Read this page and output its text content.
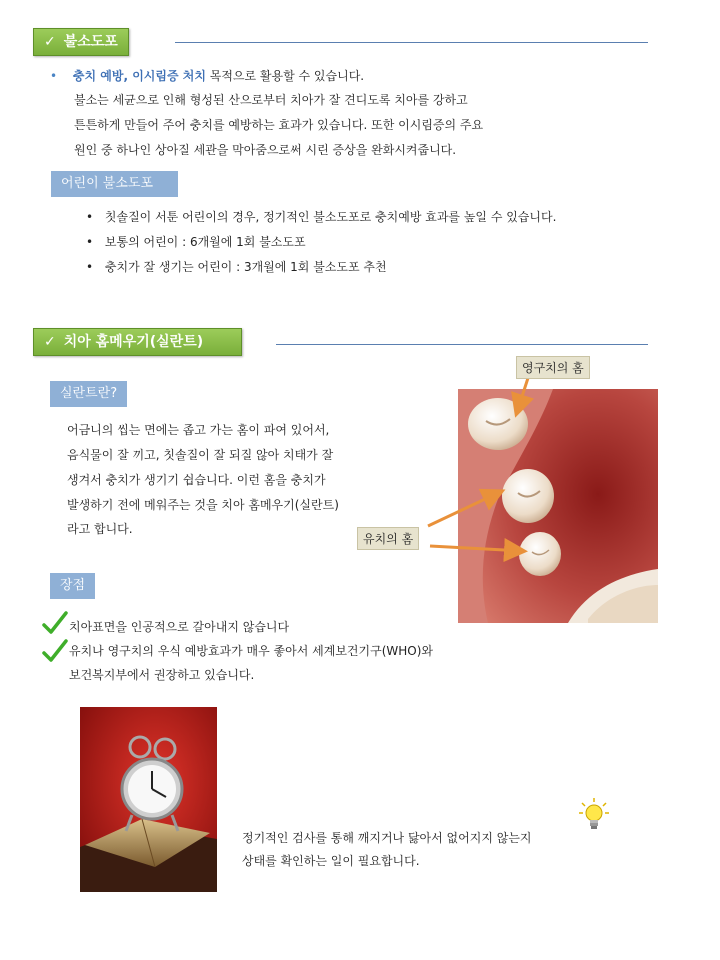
✓ 불소도포
• 충치 예방, 이시림증 처치 목적으로 활용할 수 있습니다.
불소는 세균으로 인해 형성된 산으로부터 치아가 잘 견디도록 치아를 강하고
튼튼하게 만들어 주어 충치를 예방하는 효과가 있습니다. 또한 이시림증의 주요
원인 중 하나인 상아질 세관을 막아줌으로써 시린 증상을 완화시켜줍니다.
어린이 불소도포
• 칫솔질이 서툰 어린이의 경우, 정기적인 불소도포로 충치예방 효과를 높일 수 있습니다.
• 보통의 어린이 : 6개월에 1회 불소도포
• 충치가 잘 생기는 어린이 : 3개월에 1회 불소도포 추천
✓ 치아 홈메우기(실란트)
실란트란?
어금니의 씹는 면에는 좁고 가는 홈이 파여 있어서,
음식물이 잘 끼고, 칫솔질이 잘 되질 않아 치태가 잘
생겨서 충치가 생기기 쉽습니다. 이런 홈을 충치가
발생하기 전에 메워주는 것을 치아 홈메우기(실란트)
라고 합니다.
영구치의 홈
유치의 홈
장점
치아표면을 인공적으로 갈아내지 않습니다
유치나 영구치의 우식 예방효과가 매우 좋아서 세계보건기구(WHO)와
보건복지부에서 권장하고 있습니다.
정기적인 검사를 통해 깨지거나 닳아서 없어지지 않는지
상태를 확인하는 일이 필요합니다.
